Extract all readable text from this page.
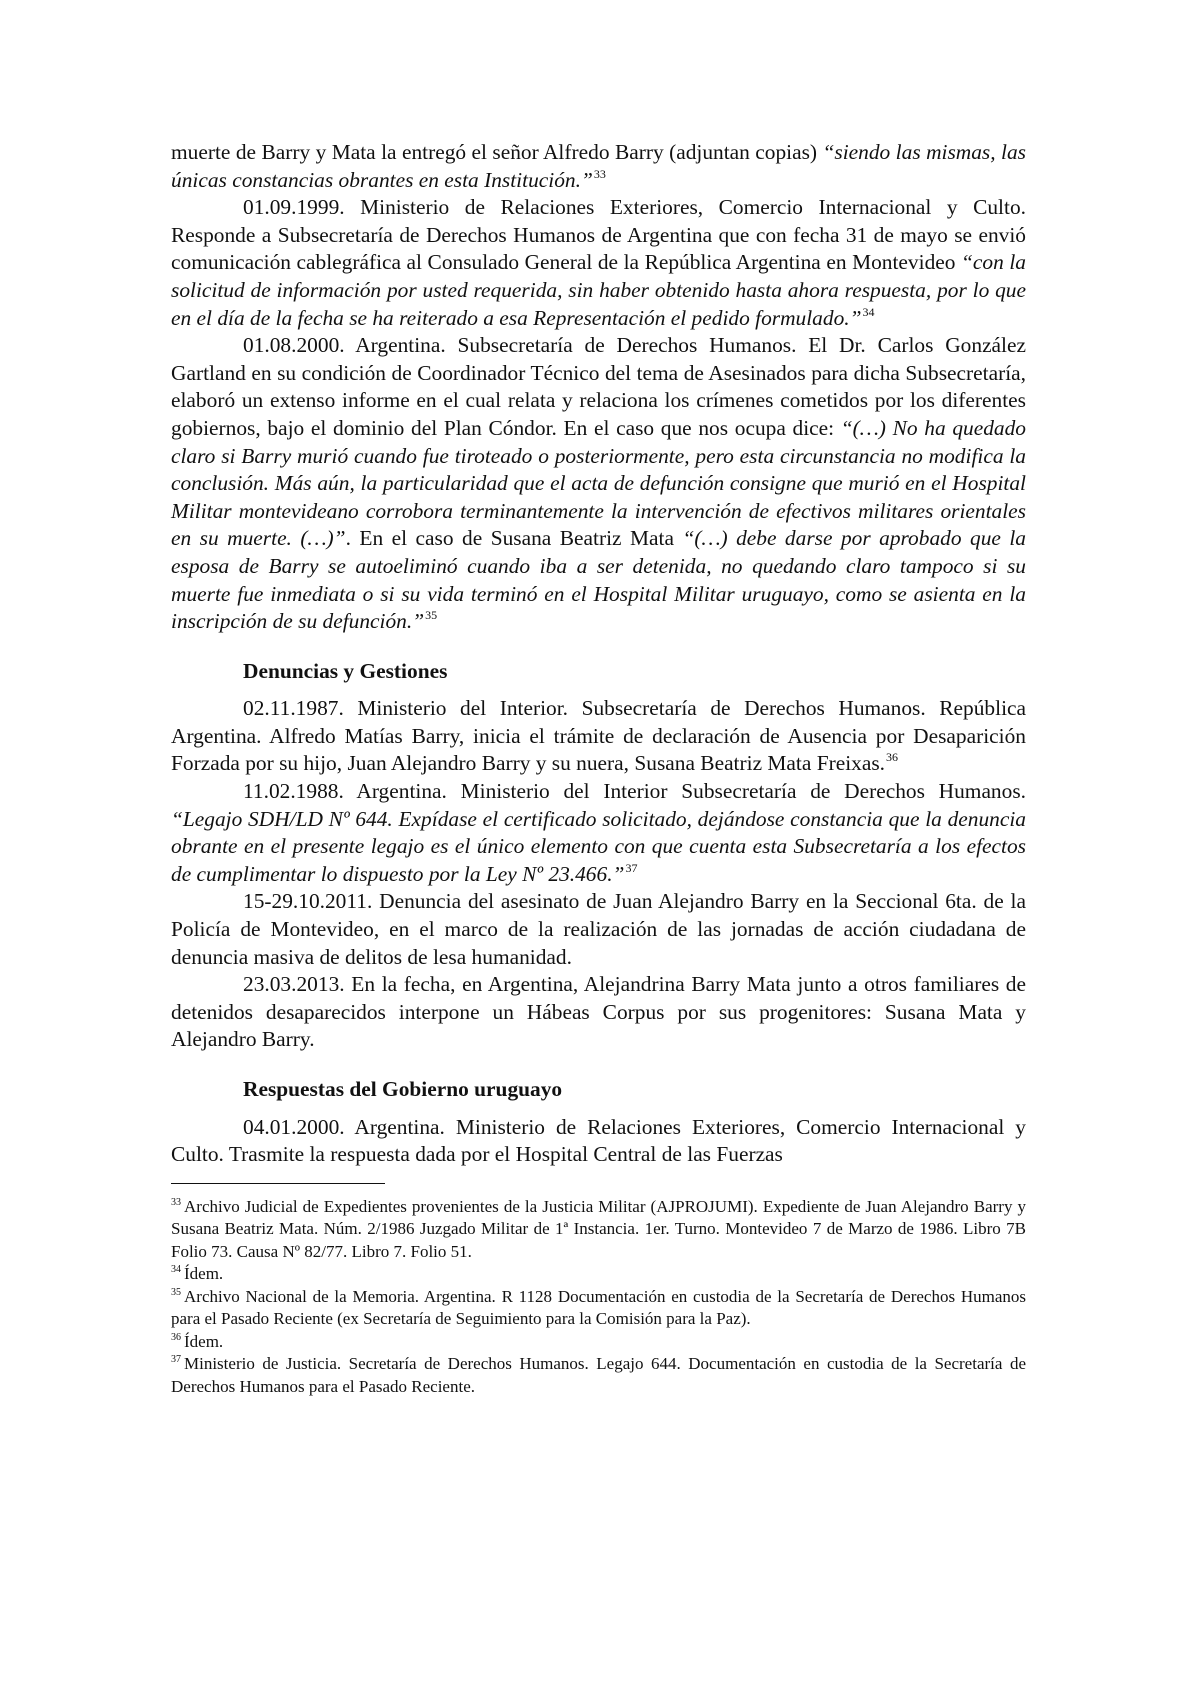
muerte de Barry y Mata la entregó el señor Alfredo Barry (adjuntan copias) “siendo las mismas, las únicas constancias obrantes en esta Institución.”$^{33}$

01.09.1999. Ministerio de Relaciones Exteriores, Comercio Internacional y Culto. Responde a Subsecretaría de Derechos Humanos de Argentina que con fecha 31 de mayo se envió comunicación cablegráfica al Consulado General de la República Argentina en Montevideo “con la solicitud de información por usted requerida, sin haber obtenido hasta ahora respuesta, por lo que en el día de la fecha se ha reiterado a esa Representación el pedido formulado.”$^{34}$

01.08.2000. Argentina. Subsecretaría de Derechos Humanos. El Dr. Carlos González Gartland en su condición de Coordinador Técnico del tema de Asesinados para dicha Subsecretaría, elaboró un extenso informe en el cual relata y relaciona los crímenes cometidos por los diferentes gobiernos, bajo el dominio del Plan Cóndor. En el caso que nos ocupa dice: “(…) No ha quedado claro si Barry murió cuando fue tiroteado o posteriormente, pero esta circunstancia no modifica la conclusión. Más aún, la particularidad que el acta de defunción consigne que murió en el Hospital Militar montevideano corrobora terminantemente la intervención de efectivos militares orientales en su muerte. (…)”. En el caso de Susana Beatriz Mata “(…) debe darse por aprobado que la esposa de Barry se autoeliminó cuando iba a ser detenida, no quedando claro tampoco si su muerte fue inmediata o si su vida terminó en el Hospital Militar uruguayo, como se asienta en la inscripción de su defunción.”$^{35}$

Denuncias y Gestiones

02.11.1987. Ministerio del Interior. Subsecretaría de Derechos Humanos. República Argentina. Alfredo Matías Barry, inicia el trámite de declaración de Ausencia por Desaparición Forzada por su hijo, Juan Alejandro Barry y su nuera, Susana Beatriz Mata Freixas.$^{36}$

11.02.1988. Argentina. Ministerio del Interior Subsecretaría de Derechos Humanos. “Legajo SDH/LD Nº 644. Expídase el certificado solicitado, dejándose constancia que la denuncia obrante en el presente legajo es el único elemento con que cuenta esta Subsecretaría a los efectos de cumplimentar lo dispuesto por la Ley Nº 23.466.”$^{37}$

15-29.10.2011. Denuncia del asesinato de Juan Alejandro Barry en la Seccional 6ta. de la Policía de Montevideo, en el marco de la realización de las jornadas de acción ciudadana de denuncia masiva de delitos de lesa humanidad.

23.03.2013. En la fecha, en Argentina, Alejandrina Barry Mata junto a otros familiares de detenidos desaparecidos interpone un Hábeas Corpus por sus progenitores: Susana Mata y Alejandro Barry.

Respuestas del Gobierno uruguayo

04.01.2000. Argentina. Ministerio de Relaciones Exteriores, Comercio Internacional y Culto. Trasmite la respuesta dada por el Hospital Central de las Fuerzas

$^{33}$ Archivo Judicial de Expedientes provenientes de la Justicia Militar (AJPROJUMI). Expediente de Juan Alejandro Barry y Susana Beatriz Mata. Núm. 2/1986 Juzgado Militar de 1ª Instancia. 1er. Turno. Montevideo 7 de Marzo de 1986. Libro 7B Folio 73. Causa Nº 82/77. Libro 7. Folio 51.

$^{34}$ Ídem.

$^{35}$ Archivo Nacional de la Memoria. Argentina. R 1128 Documentación en custodia de la Secretaría de Derechos Humanos para el Pasado Reciente (ex Secretaría de Seguimiento para la Comisión para la Paz).

$^{36}$ Ídem.

$^{37}$ Ministerio de Justicia. Secretaría de Derechos Humanos. Legajo 644. Documentación en custodia de la Secretaría de Derechos Humanos para el Pasado Reciente.
